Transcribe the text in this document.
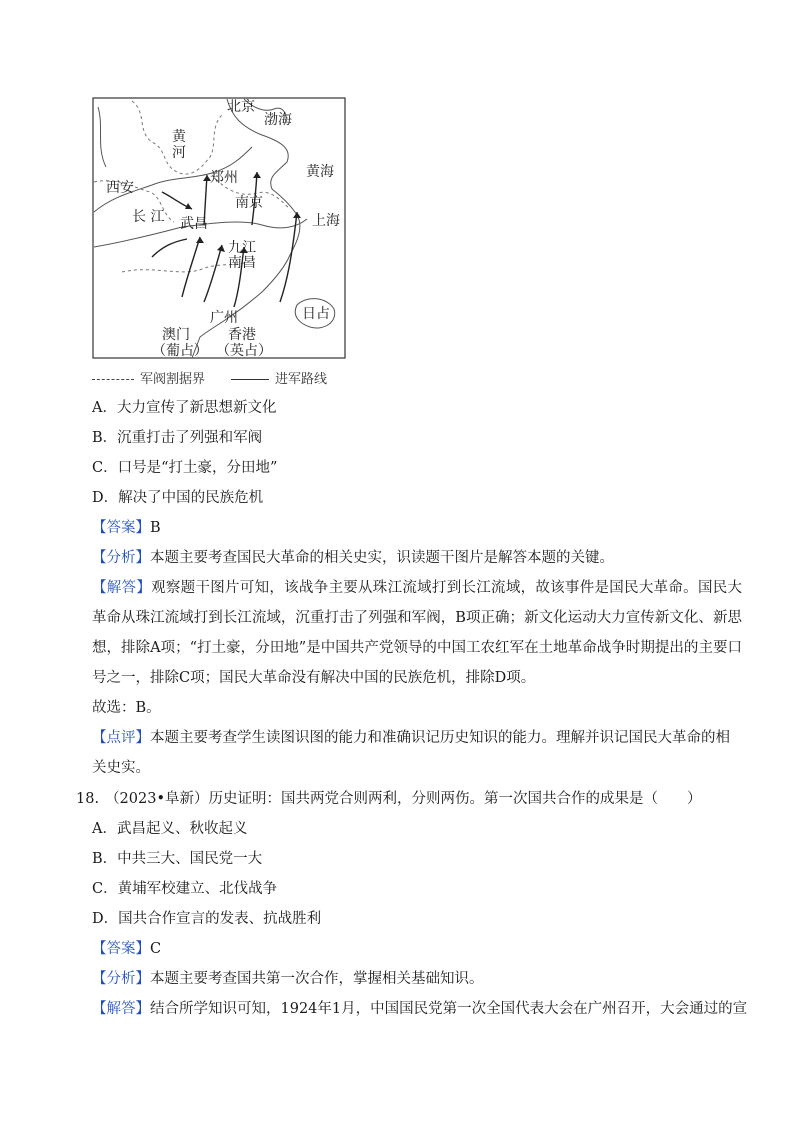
北京
渤海
黄
河
郑州	黄海
西安
南京
长 江 武昌	上海
九江
南昌
广州	日占
澳门
（葡占）
香港
（英占）
军阀割据界	进军路线
A．大力宣传了新思想新文化
B．沉重打击了列强和军阀
C．口号是“打土豪，分田地”
D．解决了中国的民族危机
【答案】B
【分析】本题主要考查国民大革命的相关史实，识读题干图片是解答本题的关键。
【解答】观察题干图片可知，该战争主要从珠江流域打到长江流域，故该事件是国民大革命。国民大革命从珠江流域打到长江流域，沉重打击了列强和军阀，B项正确；新文化运动大力宣传新文化、新思想，排除A项；“打土豪，分田地”是中国共产党领导的中国工农红军在土地革命战争时期提出的主要口号之一，排除C项；国民大革命没有解决中国的民族危机，排除D项。
故选：B。
【点评】本题主要考查学生读图识图的能力和准确识记历史知识的能力。理解并识记国民大革命的相关史实。
18. （2023•阜新）历史证明：国共两党合则两利，分则两伤。第一次国共合作的成果是（　　）
A．武昌起义、秋收起义
B．中共三大、国民党一大
C．黄埔军校建立、北伐战争
D．国共合作宣言的发表、抗战胜利
【答案】C
【分析】本题主要考查国共第一次合作，掌握相关基础知识。
【解答】结合所学知识可知，1924年1月，中国国民党第一次全国代表大会在广州召开，大会通过的宣
